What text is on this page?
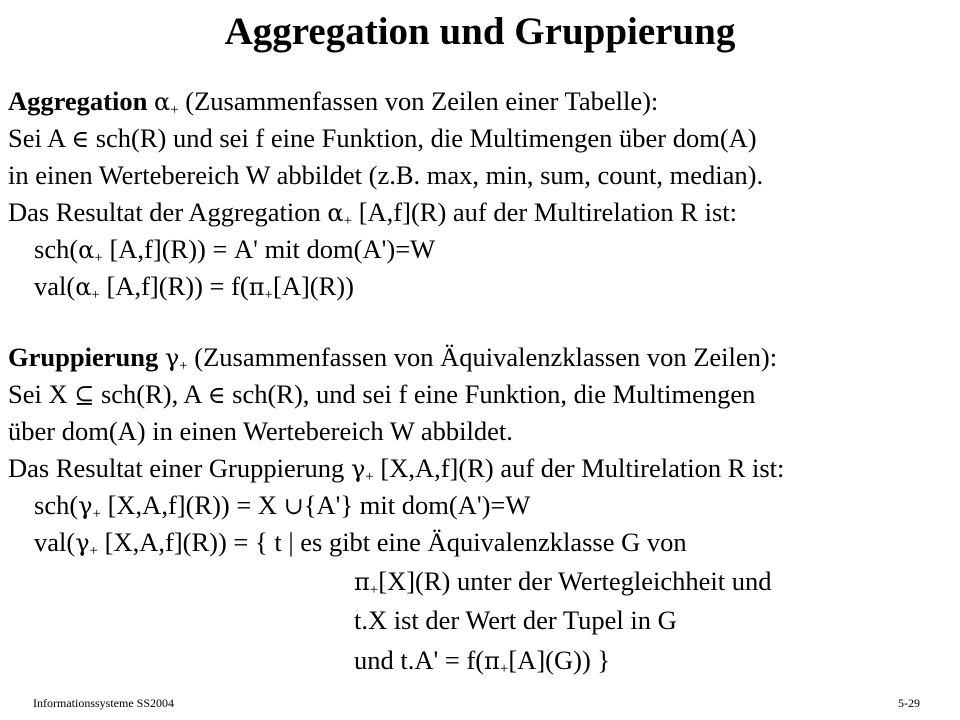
Aggregation und Gruppierung
Aggregation $\alpha_+$ (Zusammenfassen von Zeilen einer Tabelle):
Sei A ∈ sch(R) und sei f eine Funktion, die Multimengen über dom(A)
in einen Wertebereich W abbildet (z.B. max, min, sum, count, median).
Das Resultat der Aggregation $\alpha_+$ [A,f](R) auf der Multirelation R ist:
$sch(\alpha_+$ [A,f](R)) = A' mit dom(A')=W
$val(\alpha_+$ $[A,f](R)) = f(\pi_+[A](R))$
Gruppierung $\gamma_+$ (Zusammenfassen von Äquivalenzklassen von Zeilen):
Sei X ⊆ sch(R), A ∈ sch(R), und sei f eine Funktion, die Multimengen
über dom(A) in einen Wertebereich W abbildet.
Das Resultat einer Gruppierung $\gamma_+$ [X,A,f](R) auf der Multirelation R ist:
$sch(\gamma_+$ [X,A,f](R)) = X ∪{A'} mit dom(A')=W
$val(\gamma_+$ [X,A,f](R)) = { t | es gibt eine Äquivalenzklasse G von
$\pi_+[X](R)$ unter der Wertegleichheit und
t.X ist der Wert der Tupel in G
und $t.A' = f(\pi_+[A](G))$ }
Informationssysteme SS2004	5-29
